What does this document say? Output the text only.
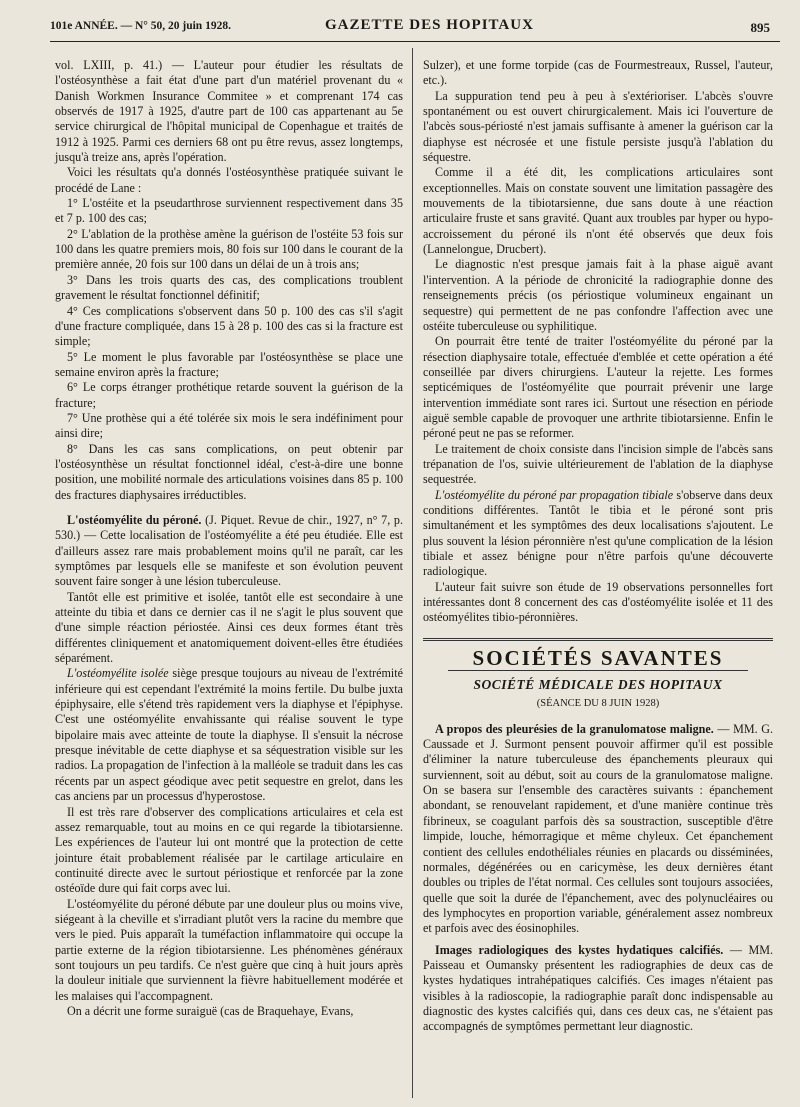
101e ANNÉE. — N° 50, 20 juin 1928.	GAZETTE DES HOPITAUX	895

vol. LXIII, p. 41.) — L'auteur pour étudier les résultats de l'ostéosynthèse a fait état d'une part d'un matériel provenant du « Danish Workmen Insurance Commitee » et comprenant 174 cas observés de 1917 à 1925, d'autre part de 100 cas appartenant au 5e service chirurgical de l'hôpital municipal de Copenhague et traités de 1912 à 1925. Parmi ces derniers 68 ont pu être revus, assez longtemps, jusqu'à treize ans, après l'opération.

Voici les résultats qu'a donnés l'ostéosynthèse pratiquée suivant le procédé de Lane :

1° L'ostéite et la pseudarthrose surviennent respectivement dans 35 et 7 p. 100 des cas;

2° L'ablation de la prothèse amène la guérison de l'ostéite 53 fois sur 100 dans les quatre premiers mois, 80 fois sur 100 dans le courant de la première année, 20 fois sur 100 dans un délai de un à trois ans;

3° Dans les trois quarts des cas, des complications troublent gravement le résultat fonctionnel définitif;

4° Ces complications s'observent dans 50 p. 100 des cas s'il s'agit d'une fracture compliquée, dans 15 à 28 p. 100 des cas si la fracture est simple;

5° Le moment le plus favorable par l'ostéosynthèse se place une semaine environ après la fracture;

6° Le corps étranger prothétique retarde souvent la guérison de la fracture;

7° Une prothèse qui a été tolérée six mois le sera indéfiniment pour ainsi dire;

8° Dans les cas sans complications, on peut obtenir par l'ostéosynthèse un résultat fonctionnel idéal, c'est-à-dire une bonne position, une mobilité normale des articulations voisines dans 85 p. 100 des fractures diaphysaires irréductibles.

L'ostéomyélite du péroné. (J. Piquet. Revue de chir., 1927, n° 7, p. 530.) — Cette localisation de l'ostéomyélite a été peu étudiée. Elle est d'ailleurs assez rare mais probablement moins qu'il ne paraît, car les symptômes par lesquels elle se manifeste et son évolution peuvent souvent faire songer à une lésion tuberculeuse.

Tantôt elle est primitive et isolée, tantôt elle est secondaire à une atteinte du tibia et dans ce dernier cas il ne s'agit le plus souvent que d'une simple réaction périostée. Ainsi ces deux formes étant très différentes cliniquement et anatomiquement doivent-elles être étudiées séparément.

L'ostéomyélite isolée siège presque toujours au niveau de l'extrémité inférieure qui est cependant l'extrémité la moins fertile. Du bulbe juxta épiphysaire, elle s'étend très rapidement vers la diaphyse et l'épiphyse. C'est une ostéomyélite envahissante qui réalise souvent le type bipolaire mais avec atteinte de toute la diaphyse. Il s'ensuit la nécrose presque inévitable de cette diaphyse et sa séquestration visible sur les radios. La propagation de l'infection à la malléole se traduit dans les cas récents par un aspect géodique avec petit sequestre en grelot, dans les cas anciens par un processus d'hyperostose.

Il est très rare d'observer des complications articulaires et cela est assez remarquable, tout au moins en ce qui regarde la tibiotarsienne. Les expériences de l'auteur lui ont montré que la protection de cette jointure était probablement réalisée par le cartilage articulaire en continuité directe avec le surtout périostique et renforcée par la zone ostéoïde dure qui fait corps avec lui.

L'ostéomyélite du péroné débute par une douleur plus ou moins vive, siégeant à la cheville et s'irradiant plutôt vers la racine du membre que vers le pied. Puis apparaît la tuméfaction inflammatoire qui occupe la partie externe de la région tibiotarsienne. Les phénomènes généraux sont toujours un peu tardifs. Ce n'est guère que cinq à huit jours après la douleur initiale que surviennent la fièvre habituellement modérée et les malaises qui l'accompagnent.

On a décrit une forme suraiguë (cas de Braquehaye, Evans,

Sulzer), et une forme torpide (cas de Fourmestreaux, Russel, l'auteur, etc.).

La suppuration tend peu à peu à s'extérioriser. L'abcès s'ouvre spontanément ou est ouvert chirurgicalement. Mais ici l'ouverture de l'abcès sous-périosté n'est jamais suffisante à amener la guérison car la diaphyse est nécrosée et une fistule persiste jusqu'à l'ablation du séquestre.

Comme il a été dit, les complications articulaires sont exceptionnelles. Mais on constate souvent une limitation passagère des mouvements de la tibiotarsienne, due sans doute à une réaction articulaire fruste et sans gravité. Quant aux troubles par hyper ou hypo-accroissement du péroné ils n'ont été observés que deux fois (Lannelongue, Drucbert).

Le diagnostic n'est presque jamais fait à la phase aiguë avant l'intervention. A la période de chronicité la radiographie donne des renseignements précis (os périostique volumineux engainant un sequestre) qui permettent de ne pas confondre l'affection avec une ostéite tuberculeuse ou syphilitique.

On pourrait être tenté de traiter l'ostéomyélite du péroné par la résection diaphysaire totale, effectuée d'emblée et cette opération a été conseillée par divers chirurgiens. L'auteur la rejette. Les formes septicémiques de l'ostéomyélite que pourrait prévenir une large intervention immédiate sont rares ici. Surtout une résection en période aiguë semble capable de provoquer une arthrite tibiotarsienne. Enfin le péroné peut ne pas se reformer.

Le traitement de choix consiste dans l'incision simple de l'abcès sans trépanation de l'os, suivie ultérieurement de l'ablation de la diaphyse sequestrée.

L'ostéomyélite du péroné par propagation tibiale s'observe dans deux conditions différentes. Tantôt le tibia et le péroné sont pris simultanément et les symptômes des deux localisations s'ajoutent. Le plus souvent la lésion péronnière n'est qu'une complication de la lésion tibiale et assez bénigne pour n'être parfois qu'une découverte radiologique.

L'auteur fait suivre son étude de 19 observations personnelles fort intéressantes dont 8 concernent des cas d'ostéomyélite isolée et 11 des ostéomyélites tibio-péronnières.

SOCIÉTÉS SAVANTES
SOCIÉTÉ MÉDICALE DES HOPITAUX
(SÉANCE DU 8 JUIN 1928)

A propos des pleurésies de la granulomatose maligne. — MM. G. Caussade et J. Surmont pensent pouvoir affirmer qu'il est possible d'éliminer la nature tuberculeuse des épanchements pleuraux qui surviennent, soit au début, soit au cours de la granulomatose maligne. On se basera sur l'ensemble des caractères suivants : épanchement abondant, se renouvelant rapidement, et d'une manière continue très fibrineux, se coagulant parfois dès sa soustraction, susceptible d'être limpide, louche, hémorragique et même chyleux. Cet épanchement contient des cellules endothéliales réunies en placards ou disséminées, normales, dégénérées ou en caricymèse, les deux dernières étant doubles ou triples de l'état normal. Ces cellules sont toujours associées, quelle que soit la durée de l'épanchement, avec des polynucléaires ou des lymphocytes en proportion variable, généralement assez nombreux et parfois avec des éosinophiles.

Images radiologiques des kystes hydatiques calcifiés. — MM. Paisseau et Oumansky présentent les radiographies de deux cas de kystes hydatiques intrahépatiques calcifiés. Ces images n'étaient pas visibles à la radioscopie, la radiographie paraît donc indispensable au diagnostic des kystes calcifiés qui, dans ces deux cas, ne s'étaient pas accompagnés de symptômes permettant leur diagnostic.
